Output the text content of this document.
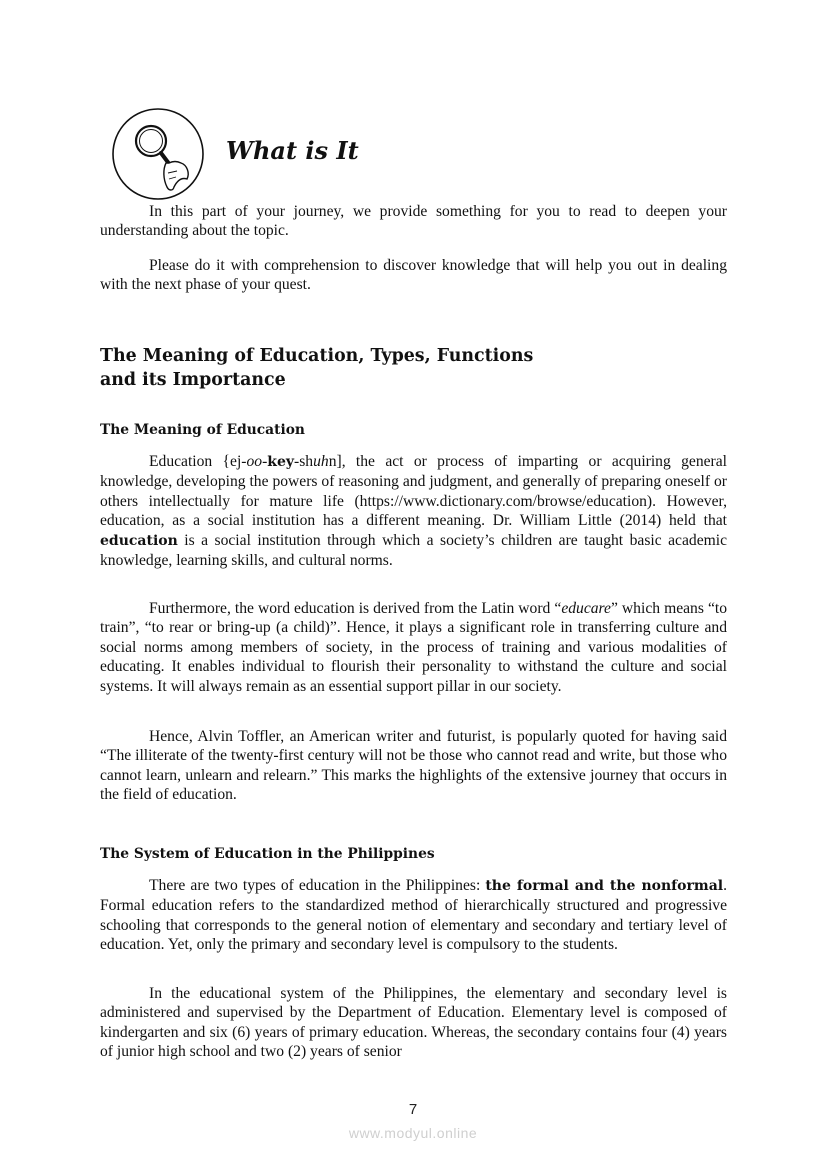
What is It

In this part of your journey, we provide something for you to read to deepen your understanding about the topic.

Please do it with comprehension to discover knowledge that will help you out in dealing with the next phase of your quest.

The Meaning of Education, Types, Functions
and its Importance
The Meaning of Education

Education {ej-oo-key-shuhn], the act or process of imparting or acquiring general knowledge, developing the powers of reasoning and judgment, and generally of preparing oneself or others intellectually for mature life (https://www.dictionary.com/browse/education). However, education, as a social institution has a different meaning. Dr. William Little (2014) held that education is a social institution through which a society’s children are taught basic academic knowledge, learning skills, and cultural norms.

Furthermore, the word education is derived from the Latin word “educare” which means “to train”, “to rear or bring-up (a child)”. Hence, it plays a significant role in transferring culture and social norms among members of society, in the process of training and various modalities of educating. It enables individual to flourish their personality to withstand the culture and social systems. It will always remain as an essential support pillar in our society.

Hence, Alvin Toffler, an American writer and futurist, is popularly quoted for having said “The illiterate of the twenty-first century will not be those who cannot read and write, but those who cannot learn, unlearn and relearn.” This marks the highlights of the extensive journey that occurs in the field of education.

The System of Education in the Philippines

There are two types of education in the Philippines: the formal and the nonformal. Formal education refers to the standardized method of hierarchically structured and progressive schooling that corresponds to the general notion of elementary and secondary and tertiary level of education. Yet, only the primary and secondary level is compulsory to the students.

In the educational system of the Philippines, the elementary and secondary level is administered and supervised by the Department of Education. Elementary level is composed of kindergarten and six (6) years of primary education. Whereas, the secondary contains four (4) years of junior high school and two (2) years of senior

7
www.modyul.online
